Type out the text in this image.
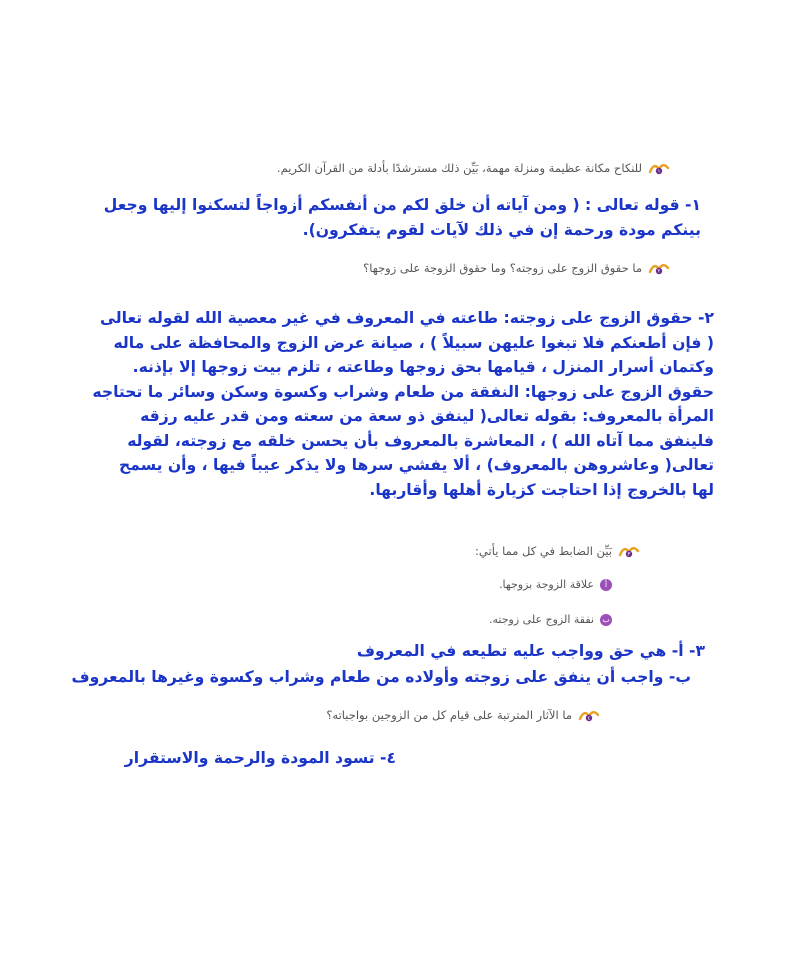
١
للنكاح مكانة عظيمة ومنزلة مهمة، بَيِّن ذلك مسترشدًا بأدلة من القرآن الكريم.
١- قوله تعالى : ( ومن آياته أن خلق لكم من أنفسكم أزواجاً لتسكنوا إليها وجعل
بينكم مودة ورحمة إن في ذلك لآيات لقوم يتفكرون).
٢
ما حقوق الزوج على زوجته؟ وما حقوق الزوجة على زوجها؟
٢- حقوق الزوج على زوجته: طاعته في المعروف في غير معصية الله لقوله تعالى
( فإن أطعنكم فلا تبغوا عليهن سبيلاً ) ، صيانة عرض الزوج والمحافظة على ماله
وكتمان أسرار المنزل ، قيامها بحق زوجها وطاعته ، تلزم بيت زوجها إلا بإذنه.
حقوق الزوج على زوجها: النفقة من طعام وشراب وكسوة وسكن وسائر ما تحتاجه
المرأة بالمعروف: بقوله تعالى( لينفق ذو سعة من سعته ومن قدر عليه رزقه
فلينفق مما آتاه الله ) ، المعاشرة بالمعروف بأن يحسن خلقه مع زوجته، لقوله
تعالى( وعاشروهن بالمعروف) ، ألا يفشي سرها ولا يذكر عيباً فيها ، وأن يسمح
لها بالخروج إذا احتاجت كزيارة أهلها وأقاربها.
٣
بَيِّن الضابط في كل مما يأتي:
أ
علاقة الزوجة بزوجها.
ب
نفقة الزوج على زوجته.
٣- أ- هي حق وواجب عليه تطيعه في المعروف
ب- واجب أن ينفق على زوجته وأولاده من طعام وشراب وكسوة وغيرها بالمعروف
٤
ما الآثار المترتبة على قيام كل من الزوجين بواجباته؟
٤- تسود المودة والرحمة والاستقرار
